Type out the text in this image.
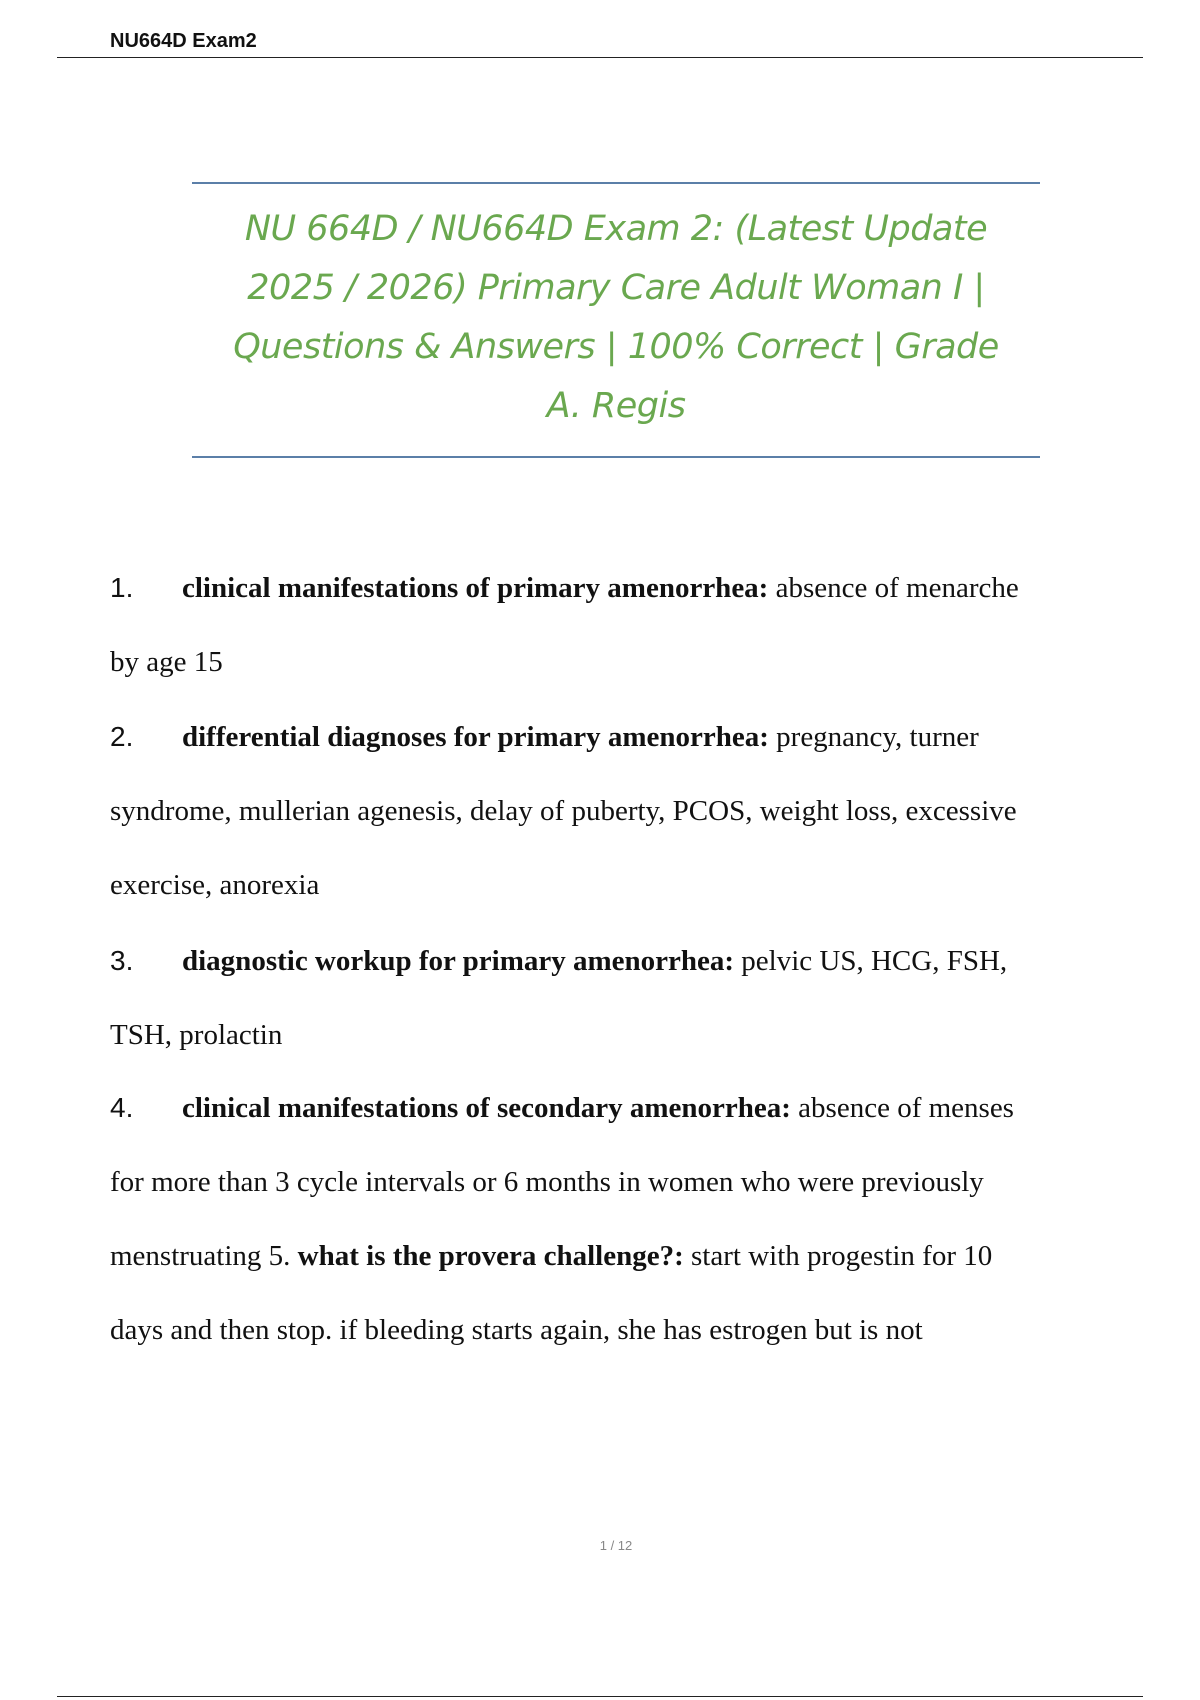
NU664D Exam2
NU 664D / NU664D Exam 2: (Latest Update
2025 / 2026) Primary Care Adult Woman I |
Questions & Answers | 100% Correct | Grade
A. Regis
1. clinical manifestations of primary amenorrhea: absence of menarche
by age 15
2. differential diagnoses for primary amenorrhea: pregnancy, turner
syndrome, mullerian agenesis, delay of puberty, PCOS, weight loss, excessive
exercise, anorexia
3. diagnostic workup for primary amenorrhea: pelvic US, HCG, FSH,
TSH, prolactin
4. clinical manifestations of secondary amenorrhea: absence of menses
for more than 3 cycle intervals or 6 months in women who were previously
menstruating 5. what is the provera challenge?: start with progestin for 10
days and then stop. if bleeding starts again, she has estrogen but is not
1 / 12
